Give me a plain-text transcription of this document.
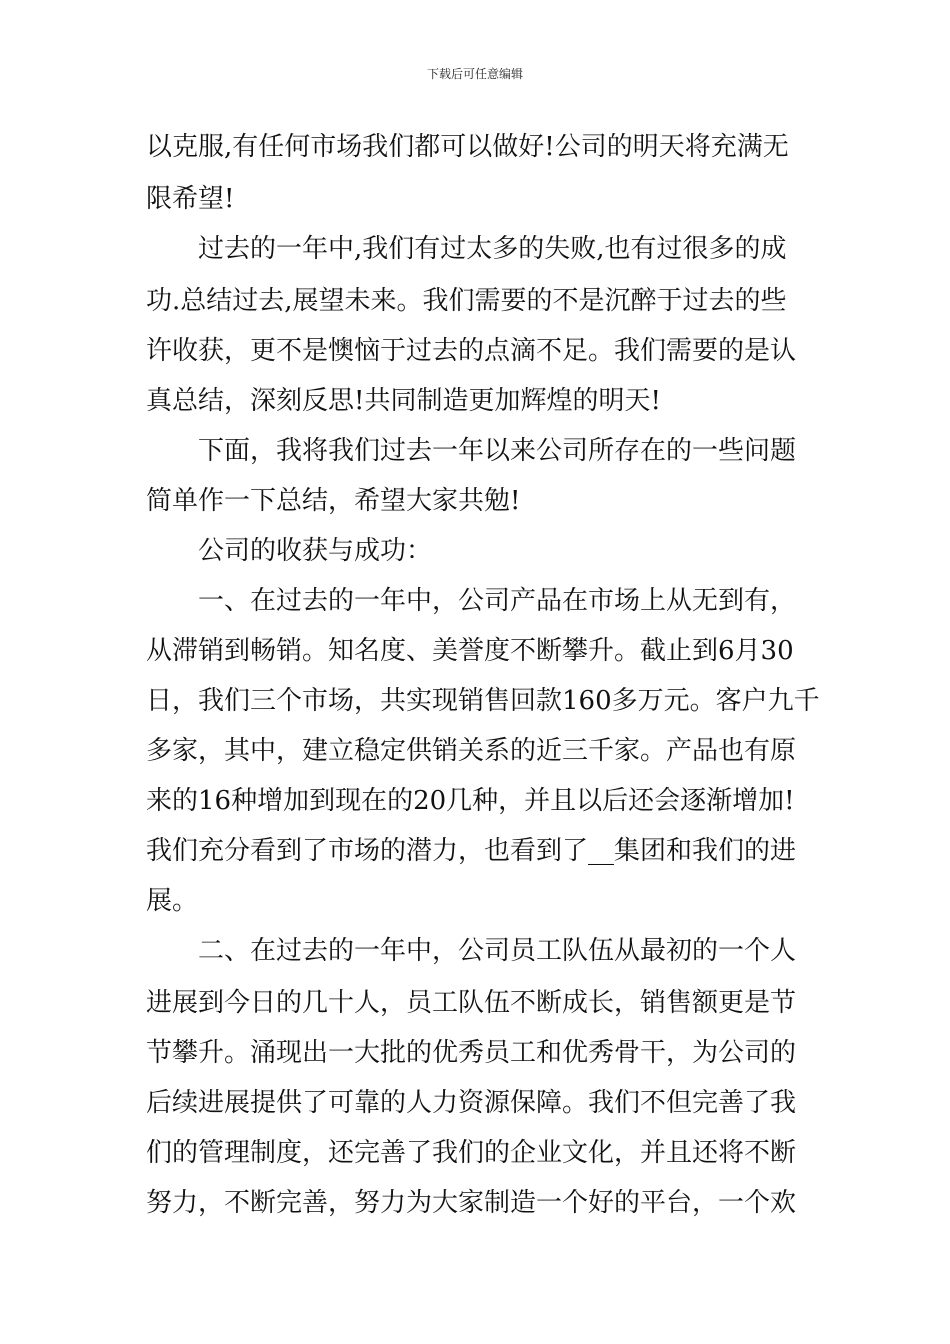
下载后可任意编辑
以克服,有任何市场我们都可以做好!公司的明天将充满无
限希望!
过去的一年中,我们有过太多的失败,也有过很多的成
功.总结过去,展望未来。我们需要的不是沉醉于过去的些
许收获，更不是懊恼于过去的点滴不足。我们需要的是认
真总结，深刻反思!共同制造更加辉煌的明天!
下面，我将我们过去一年以来公司所存在的一些问题
简单作一下总结，希望大家共勉!
公司的收获与成功：
一、在过去的一年中，公司产品在市场上从无到有，
从滞销到畅销。知名度、美誉度不断攀升。截止到6月30
日，我们三个市场，共实现销售回款160多万元。客户九千
多家，其中，建立稳定供销关系的近三千家。产品也有原
来的16种增加到现在的20几种，并且以后还会逐渐增加!
我们充分看到了市场的潜力，也看到了__集团和我们的进
展。
二、在过去的一年中，公司员工队伍从最初的一个人
进展到今日的几十人，员工队伍不断成长，销售额更是节
节攀升。涌现出一大批的优秀员工和优秀骨干，为公司的
后续进展提供了可靠的人力资源保障。我们不但完善了我
们的管理制度，还完善了我们的企业文化，并且还将不断
努力，不断完善，努力为大家制造一个好的平台，一个欢
